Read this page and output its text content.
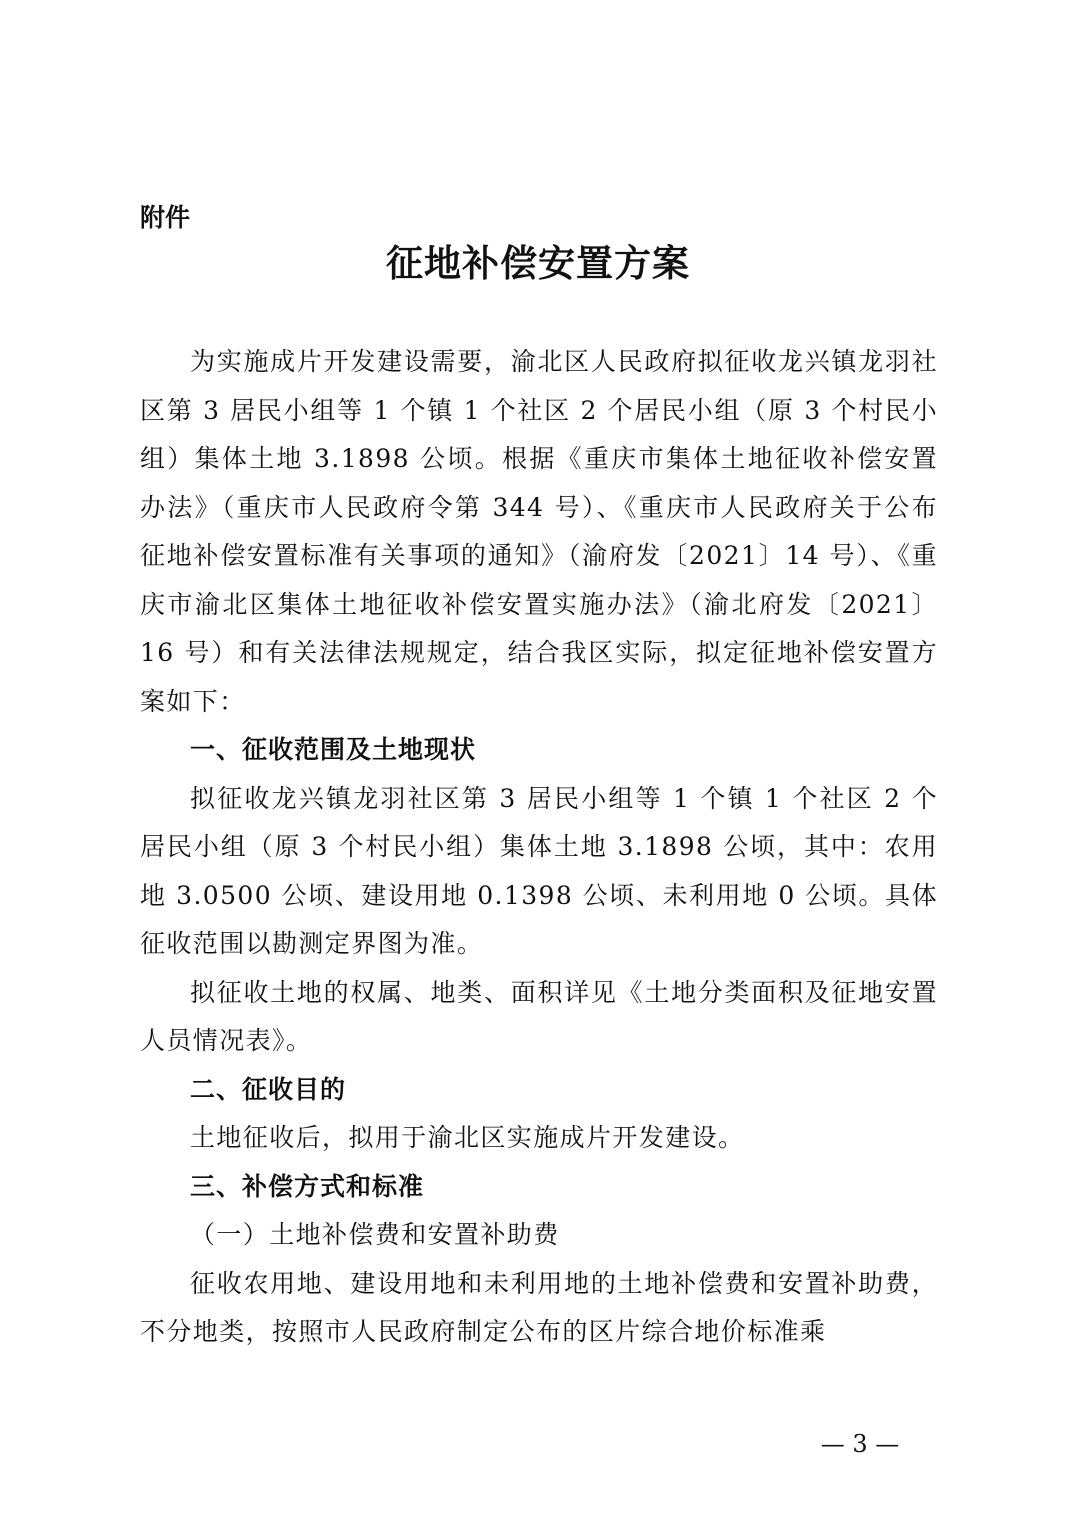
附件
征地补偿安置方案

为实施成片开发建设需要，渝北区人民政府拟征收龙兴镇龙羽社区第 3 居民小组等 1 个镇 1 个社区 2 个居民小组（原 3 个村民小组）集体土地 3.1898 公顷。根据《重庆市集体土地征收补偿安置办法》（重庆市人民政府令第 344 号）、《重庆市人民政府关于公布征地补偿安置标准有关事项的通知》（渝府发〔2021〕14 号）、《重庆市渝北区集体土地征收补偿安置实施办法》（渝北府发〔2021〕16 号）和有关法律法规规定，结合我区实际，拟定征地补偿安置方案如下：

一、征收范围及土地现状

拟征收龙兴镇龙羽社区第 3 居民小组等 1 个镇 1 个社区 2 个居民小组（原 3 个村民小组）集体土地 3.1898 公顷，其中：农用地 3.0500 公顷、建设用地 0.1398 公顷、未利用地 0 公顷。具体征收范围以勘测定界图为准。

拟征收土地的权属、地类、面积详见《土地分类面积及征地安置人员情况表》。

二、征收目的

土地征收后，拟用于渝北区实施成片开发建设。

三、补偿方式和标准

（一）土地补偿费和安置补助费

征收农用地、建设用地和未利用地的土地补偿费和安置补助费，不分地类，按照市人民政府制定公布的区片综合地价标准乘

— 3 —
